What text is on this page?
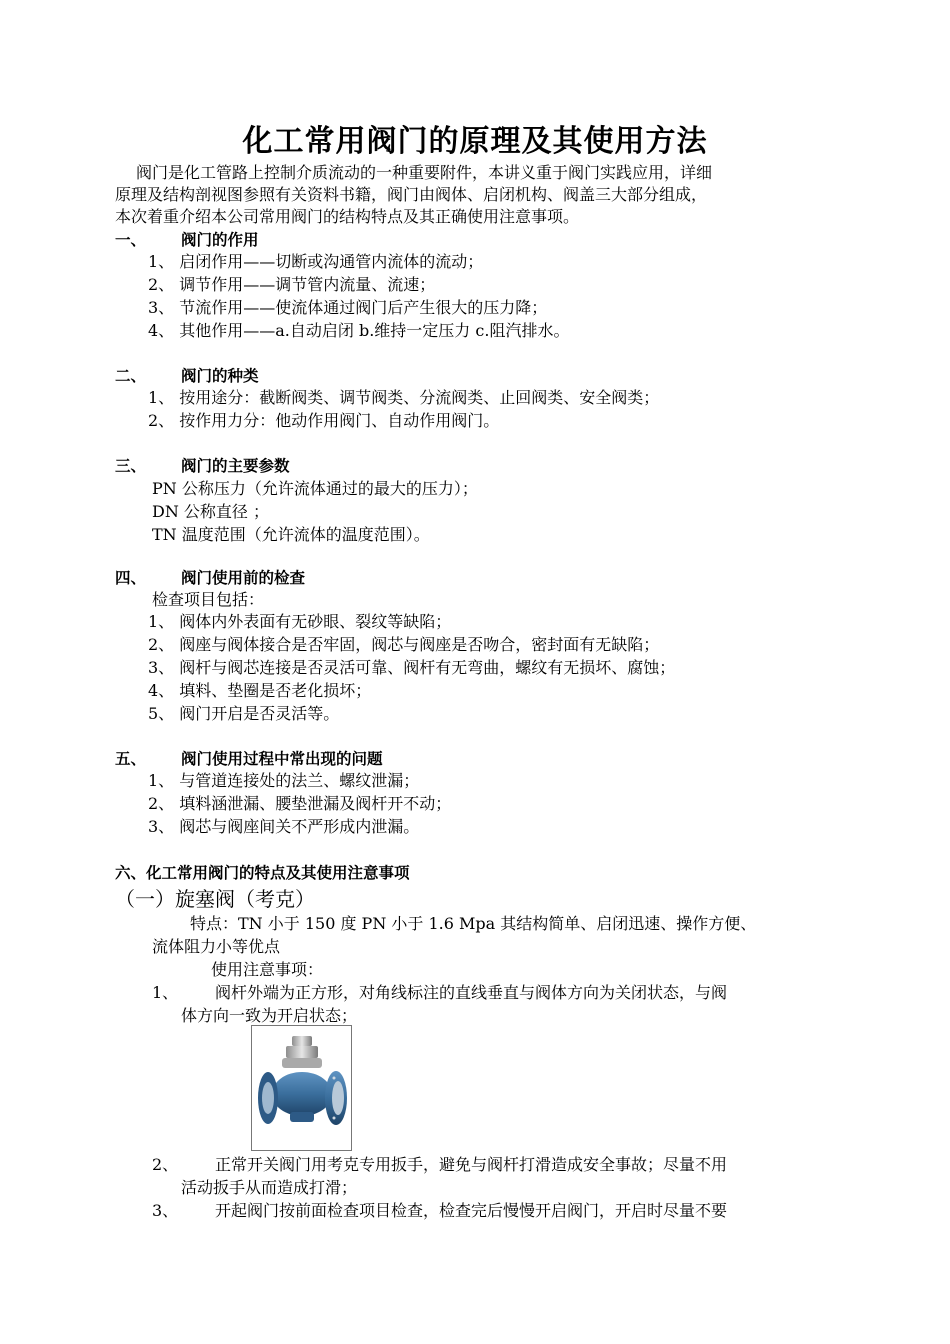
化工常用阀门的原理及其使用方法
阀门是化工管路上控制介质流动的一种重要附件，本讲义重于阀门实践应用，详细
原理及结构剖视图参照有关资料书籍，阀门由阀体、启闭机构、阀盖三大部分组成，
本次着重介绍本公司常用阀门的结构特点及其正确使用注意事项。
一、 阀门的作用
1、 启闭作用——切断或沟通管内流体的流动；
2、 调节作用——调节管内流量、流速；
3、 节流作用——使流体通过阀门后产生很大的压力降；
4、 其他作用——a.自动启闭 b.维持一定压力 c.阻汽排水。
二、 阀门的种类
1、 按用途分：截断阀类、调节阀类、分流阀类、止回阀类、安全阀类；
2、 按作用力分：他动作用阀门、自动作用阀门。
三、 阀门的主要参数
PN 公称压力（允许流体通过的最大的压力）；
DN 公称直径 ；
TN 温度范围（允许流体的温度范围）。
四、 阀门使用前的检查
检查项目包括：
1、 阀体内外表面有无砂眼、裂纹等缺陷；
2、 阀座与阀体接合是否牢固，阀芯与阀座是否吻合，密封面有无缺陷；
3、 阀杆与阀芯连接是否灵活可靠、阀杆有无弯曲，螺纹有无损坏、腐蚀；
4、 填料、垫圈是否老化损坏；
5、 阀门开启是否灵活等。
五、 阀门使用过程中常出现的问题
1、 与管道连接处的法兰、螺纹泄漏；
2、 填料涵泄漏、腰垫泄漏及阀杆开不动；
3、 阀芯与阀座间关不严形成内泄漏。
六、化工常用阀门的特点及其使用注意事项
（一）旋塞阀（考克）
特点：TN 小于 150 度 PN 小于 1.6 Mpa 其结构简单、启闭迅速、操作方便、
流体阻力小等优点
使用注意事项：
1、 阀杆外端为正方形，对角线标注的直线垂直与阀体方向为关闭状态，与阀
体方向一致为开启状态；
2、 正常开关阀门用考克专用扳手，避免与阀杆打滑造成安全事故；尽量不用
活动扳手从而造成打滑；
3、 开起阀门按前面检查项目检查，检查完后慢慢开启阀门，开启时尽量不要
